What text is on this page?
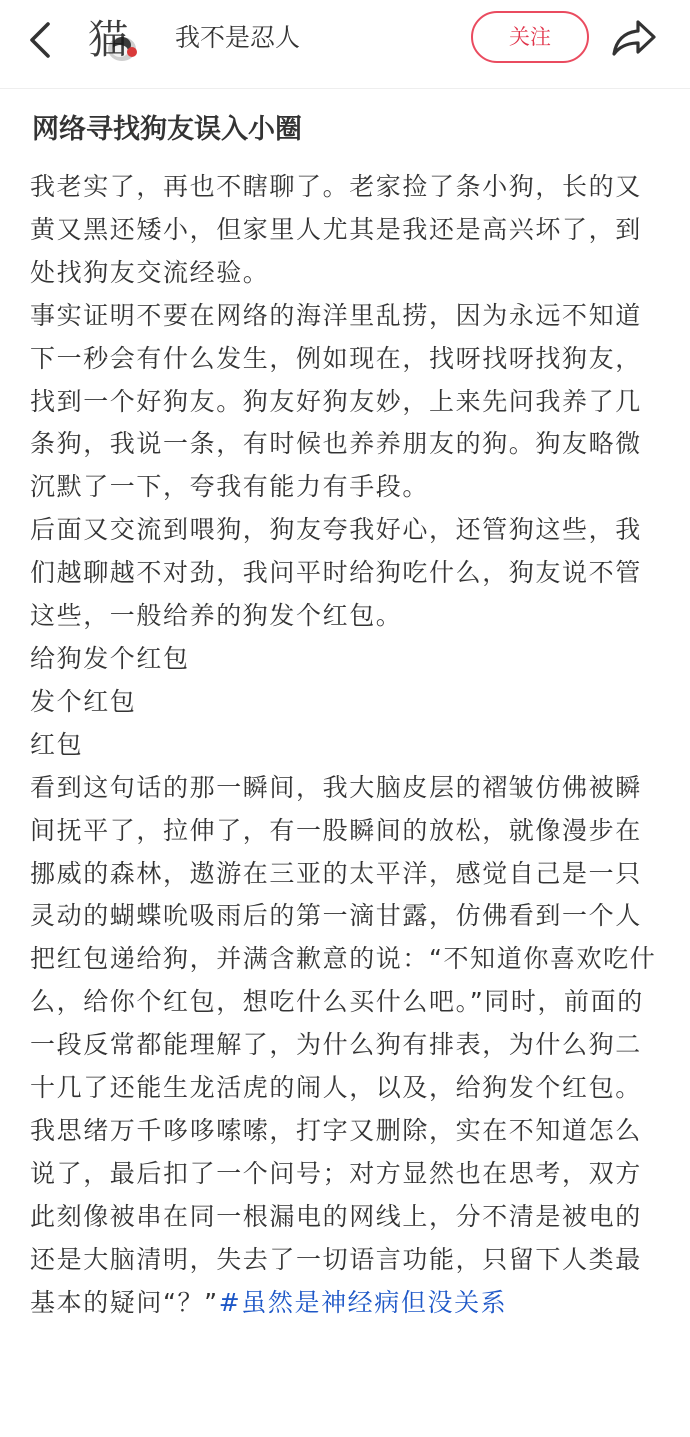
猫 我不是忍人	关注
网络寻找狗友误入小圈

我老实了，再也不瞎聊了。老家捡了条小狗，长的又黄又黑还矮小，但家里人尤其是我还是高兴坏了，到处找狗友交流经验。

事实证明不要在网络的海洋里乱捞，因为永远不知道下一秒会有什么发生，例如现在，找呀找呀找狗友，找到一个好狗友。狗友好狗友妙，上来先问我养了几条狗，我说一条，有时候也养养朋友的狗。狗友略微沉默了一下，夸我有能力有手段。

后面又交流到喂狗，狗友夸我好心，还管狗这些，我们越聊越不对劲，我问平时给狗吃什么，狗友说不管这些，一般给养的狗发个红包。

给狗发个红包

发个红包

红包

看到这句话的那一瞬间，我大脑皮层的褶皱仿佛被瞬间抚平了，拉伸了，有一股瞬间的放松，就像漫步在挪威的森林，遨游在三亚的太平洋，感觉自己是一只灵动的蝴蝶吮吸雨后的第一滴甘露，仿佛看到一个人把红包递给狗，并满含歉意的说：“不知道你喜欢吃什么，给你个红包，想吃什么买什么吧。”同时，前面的一段反常都能理解了，为什么狗有排表，为什么狗二十几了还能生龙活虎的闹人，以及，给狗发个红包。我思绪万千哆哆嗦嗦，打字又删除，实在不知道怎么说了，最后扣了一个问号；对方显然也在思考，双方此刻像被串在同一根漏电的网线上，分不清是被电的还是大脑清明，失去了一切语言功能，只留下人类最基本的疑问“？”#虽然是神经病但没关系
